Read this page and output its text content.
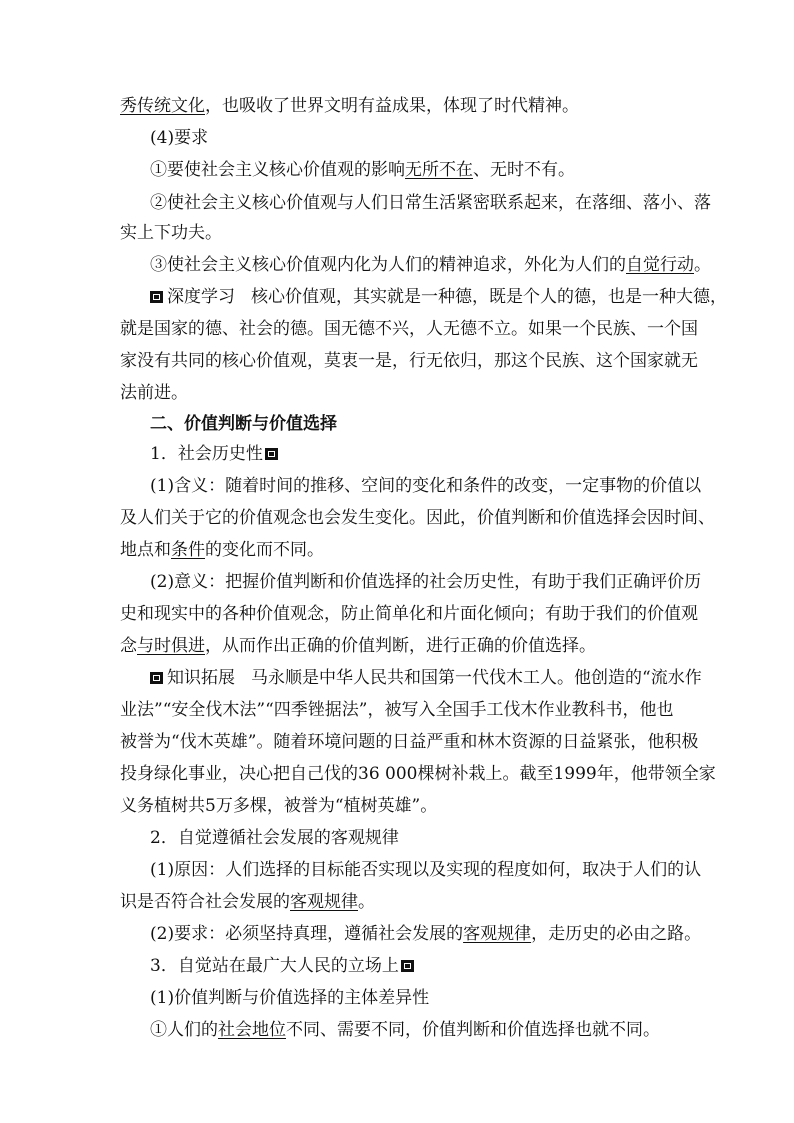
秀传统文化，也吸收了世界文明有益成果，体现了时代精神。
(4)要求
①要使社会主义核心价值观的影响无所不在、无时不有。
②使社会主义核心价值观与人们日常生活紧密联系起来，在落细、落小、落
实上下功夫。
③使社会主义核心价值观内化为人们的精神追求，外化为人们的自觉行动。
深度学习 核心价值观，其实就是一种德，既是个人的德，也是一种大德，
就是国家的德、社会的德。国无德不兴，人无德不立。如果一个民族、一个国
家没有共同的核心价值观，莫衷一是，行无依归，那这个民族、这个国家就无
法前进。
二、价值判断与价值选择
1．社会历史性
(1)含义：随着时间的推移、空间的变化和条件的改变，一定事物的价值以
及人们关于它的价值观念也会发生变化。因此，价值判断和价值选择会因时间、
地点和条件的变化而不同。
(2)意义：把握价值判断和价值选择的社会历史性，有助于我们正确评价历
史和现实中的各种价值观念，防止简单化和片面化倾向；有助于我们的价值观
念与时俱进，从而作出正确的价值判断，进行正确的价值选择。
知识拓展 马永顺是中华人民共和国第一代伐木工人。他创造的“流水作
业法”“安全伐木法”“四季锉据法”，被写入全国手工伐木作业教科书，他也
被誉为“伐木英雄”。随着环境问题的日益严重和林木资源的日益紧张，他积极
投身绿化事业，决心把自己伐的36 000棵树补栽上。截至1999年，他带领全家
义务植树共5万多棵，被誉为“植树英雄”。
2．自觉遵循社会发展的客观规律
(1)原因：人们选择的目标能否实现以及实现的程度如何，取决于人们的认
识是否符合社会发展的客观规律。
(2)要求：必须坚持真理，遵循社会发展的客观规律，走历史的必由之路。
3．自觉站在最广大人民的立场上
(1)价值判断与价值选择的主体差异性
①人们的社会地位不同、需要不同，价值判断和价值选择也就不同。
